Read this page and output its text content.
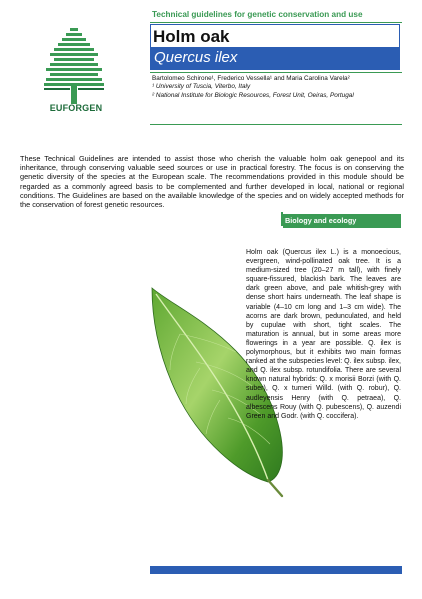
Technical guidelines for genetic conservation and use
EUFORGEN
Holm oak
Quercus ilex
Bartolomeo Schirone¹, Frederico Vessella¹ and Maria Carolina Varela²
¹ University of Tuscia, Viterbo, Italy
² National Institute for Biologic Resources, Forest Unit, Oeiras, Portugal
These Technical Guidelines are intended to assist those who cherish the valuable holm oak genepool and its inheritance, through conserving valuable seed sources or use in practical forestry. The focus is on conserving the genetic diversity of the species at the European scale. The recommendations provided in this module should be regarded as a commonly agreed basis to be complemented and further developed in local, national or regional conditions. The Guidelines are based on the available knowledge of the species and on widely accepted methods for the conservation of forest genetic resources.
Biology and ecology
Holm oak (Quercus ilex L.) is a monoecious, evergreen, wind-pollinated oak tree. It is a medium-sized tree (20–27 m tall), with finely square-fissured, blackish bark. The leaves are dark green above, and pale whitish-grey with dense short hairs underneath. The leaf shape is variable (4–10 cm long and 1–3 cm wide). The acorns are dark brown, pedunculated, and held by cupulae with short, tight scales. The maturation is annual, but in some areas more flowerings in a year are possible. Q. ilex is polymorphous, but it exhibits two main formas ranked at the subspecies level: Q. ilex subsp. ilex, and Q. ilex subsp. rotundifolia. There are several known natural hybrids: Q. x morisii Borzi (with Q. suber), Q. x turneri Willd. (with Q. robur), Q. audleyensis Henry (with Q. petraea), Q. albescens Rouy (with Q. pubescens), Q. auzendi Green and Godr. (with Q. coccifera).
